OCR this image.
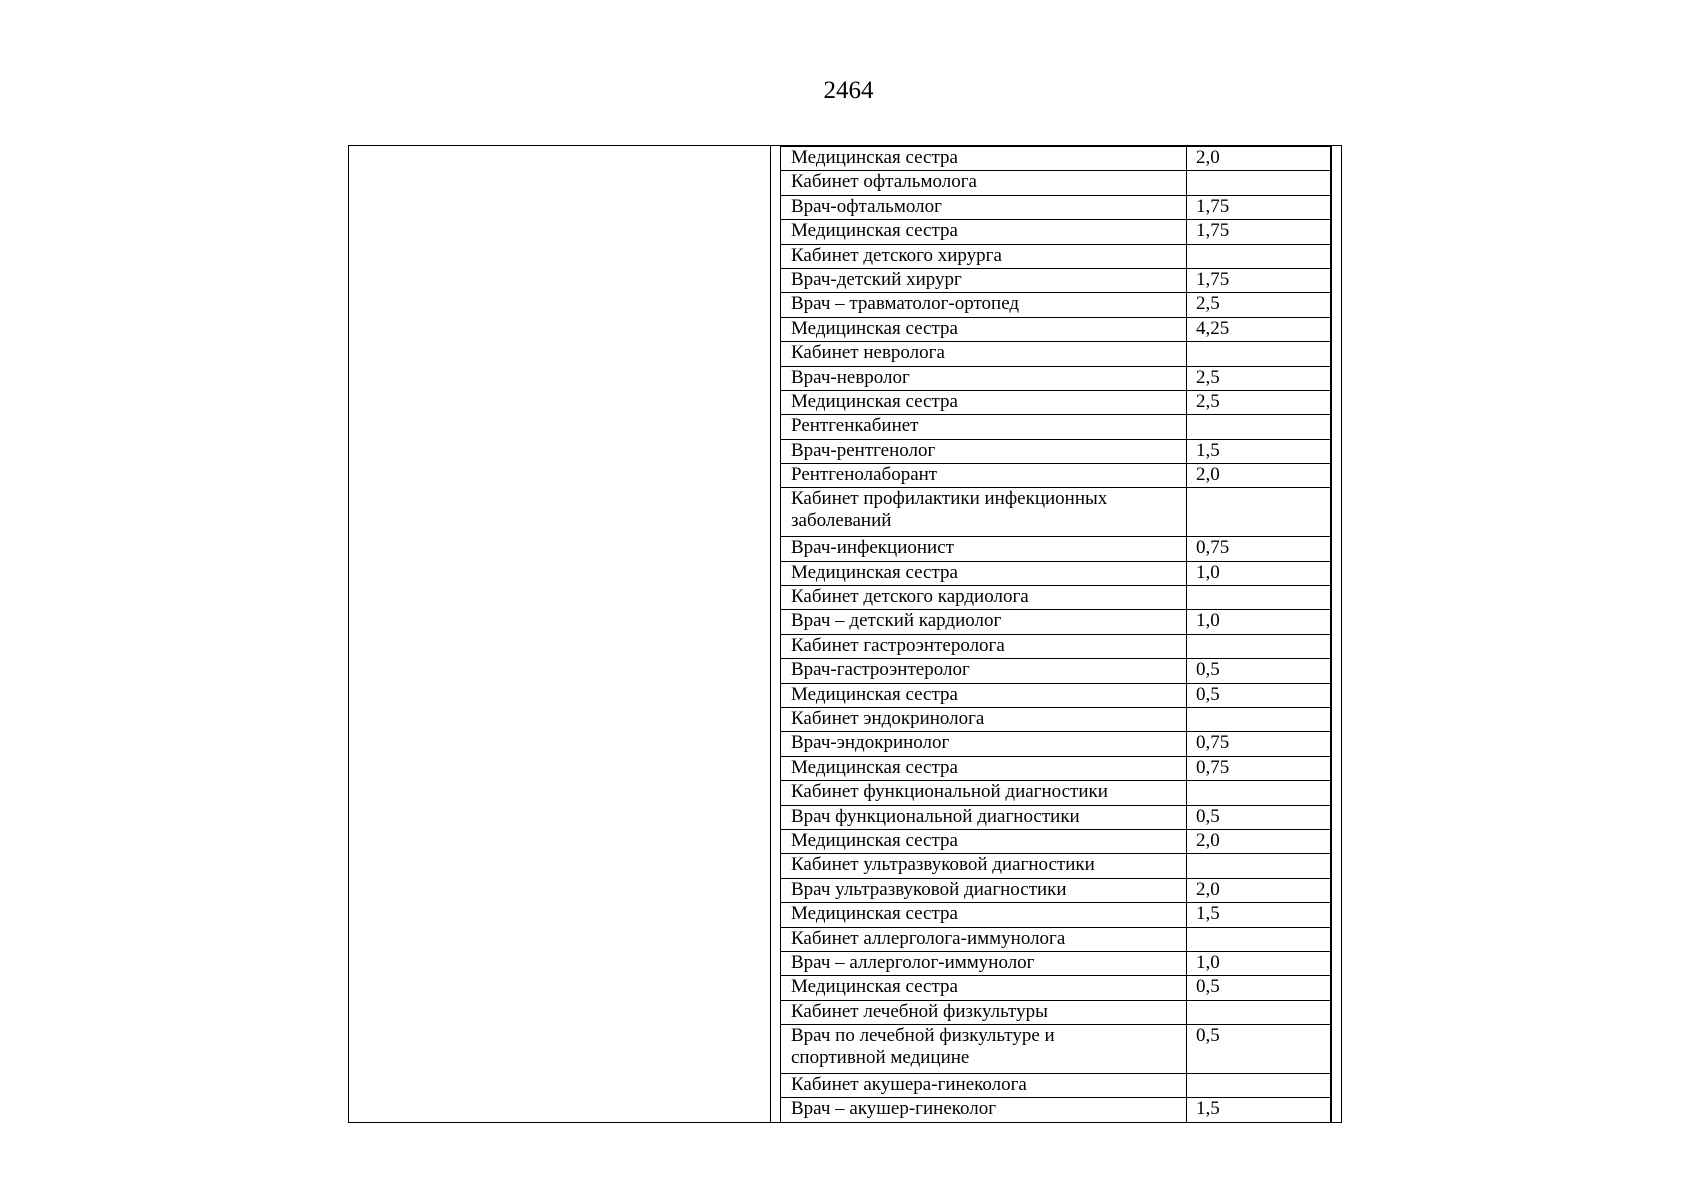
2464
Медицинская сестра	2,0
Кабинет офтальмолога	
Врач-офтальмолог	1,75
Медицинская сестра	1,75
Кабинет детского хирурга	
Врач-детский хирург	1,75
Врач – травматолог-ортопед	2,5
Медицинская сестра	4,25
Кабинет невролога	
Врач-невролог	2,5
Медицинская сестра	2,5
Рентгенкабинет	
Врач-рентгенолог	1,5
Рентгенолаборант	2,0
Кабинет профилактики инфекционных
заболеваний	
Врач-инфекционист	0,75
Медицинская сестра	1,0
Кабинет детского кардиолога	
Врач – детский кардиолог	1,0
Кабинет гастроэнтеролога	
Врач-гастроэнтеролог	0,5
Медицинская сестра	0,5
Кабинет эндокринолога	
Врач-эндокринолог	0,75
Медицинская сестра	0,75
Кабинет функциональной диагностики	
Врач функциональной диагностики	0,5
Медицинская сестра	2,0
Кабинет ультразвуковой диагностики	
Врач ультразвуковой диагностики	2,0
Медицинская сестра	1,5
Кабинет аллерголога-иммунолога	
Врач – аллерголог-иммунолог	1,0
Медицинская сестра	0,5
Кабинет лечебной физкультуры	
Врач по лечебной физкультуре и
спортивной медицине	0,5
Кабинет акушера-гинеколога	
Врач – акушер-гинеколог	1,5
